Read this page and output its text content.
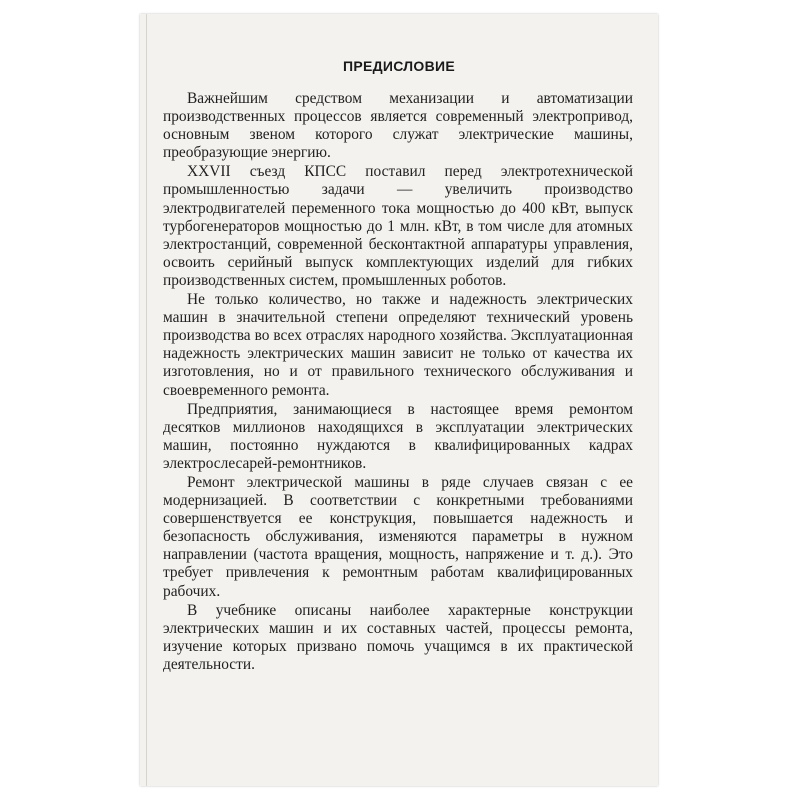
ПРЕДИСЛОВИЕ

Важнейшим средством механизации и автоматизации производственных процессов является современный электропривод, основным звеном которого служат электрические машины, преобразующие энергию.

XXVII съезд КПСС поставил перед электротехнической промышленностью задачи — увеличить производство электродвигателей переменного тока мощностью до 400 кВт, выпуск турбогенераторов мощностью до 1 млн. кВт, в том числе для атомных электростанций, современной бесконтактной аппаратуры управления, освоить серийный выпуск комплектующих изделий для гибких производственных систем, промышленных роботов.

Не только количество, но также и надежность электрических машин в значительной степени определяют технический уровень производства во всех отраслях народного хозяйства. Эксплуатационная надежность электрических машин зависит не только от качества их изготовления, но и от правильного технического обслуживания и своевременного ремонта.

Предприятия, занимающиеся в настоящее время ремонтом десятков миллионов находящихся в эксплуатации электрических машин, постоянно нуждаются в квалифицированных кадрах электрослесарей-ремонтников.

Ремонт электрической машины в ряде случаев связан с ее модернизацией. В соответствии с конкретными требованиями совершенствуется ее конструкция, повышается надежность и безопасность обслуживания, изменяются параметры в нужном направлении (частота вращения, мощность, напряжение и т. д.). Это требует привлечения к ремонтным работам квалифицированных рабочих.

В учебнике описаны наиболее характерные конструкции электрических машин и их составных частей, процессы ремонта, изучение которых призвано помочь учащимся в их практической деятельности.
